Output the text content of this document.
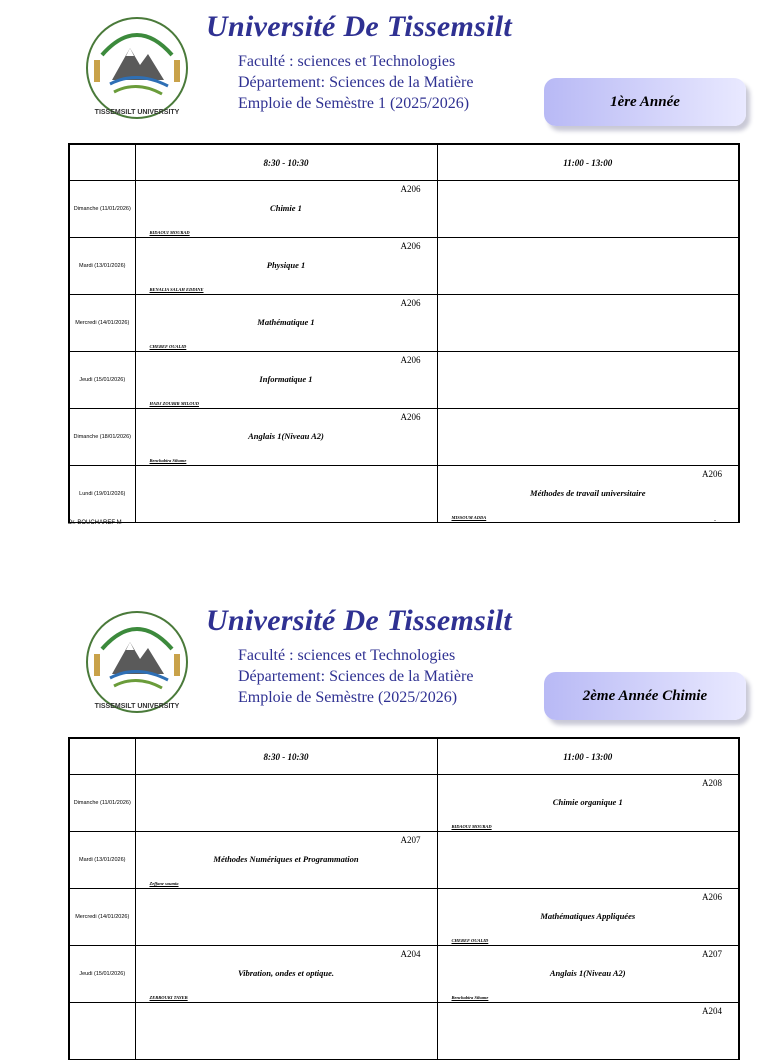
TISSEMSILT UNIVERSITY
Université De Tissemsilt
Faculté : sciences et Technologies
Département: Sciences de la Matière
Emploie de Semèstre 1 (2025/2026)	1ère Année
	8:30 - 10:30	11:00 - 13:00
Dimanche (11/01/2026)	A206
Chimie 1
BIDAOUI MOURAD	

Mardi (13/01/2026)	A206
Physique 1
BENALIA SALAH EDDINE	

Mercredi (14/01/2026)	A206
Mathématique 1
CHEREF OUALID	

Jeudi (15/01/2026)	A206
Informatique 1
HADJ ZOUBIR MILOUD	

Dimanche (18/01/2026)	A206
Anglais 1(Niveau A2)
Benchabira Sihame	

Lundi (19/01/2026)		A206
Méthodes de travail universitaire
MISSOUM ADDA
Dr. BOUCHAREF M	-
TISSEMSILT UNIVERSITY
Université De Tissemsilt
Faculté : sciences et Technologies
Département: Sciences de la Matière
Emploie de Semèstre (2025/2026)	2ème Année Chimie
	8:30 - 10:30	11:00 - 13:00
Dimanche (11/01/2026)		A208
Chimie organique 1
BIDAOUI MOURAD

Mardi (13/01/2026)	A207
Méthodes Numériques et Programmation
Zeffane soumia	

Mercredi (14/01/2026)		A206
Mathématiques Appliquées
CHEREF OUALID

Jeudi (15/01/2026)	A204
Vibration, ondes et optique.
ZERROUKI TAYEB	A207
Anglais 1(Niveau A2)
Benchabira Sihame

		A204
